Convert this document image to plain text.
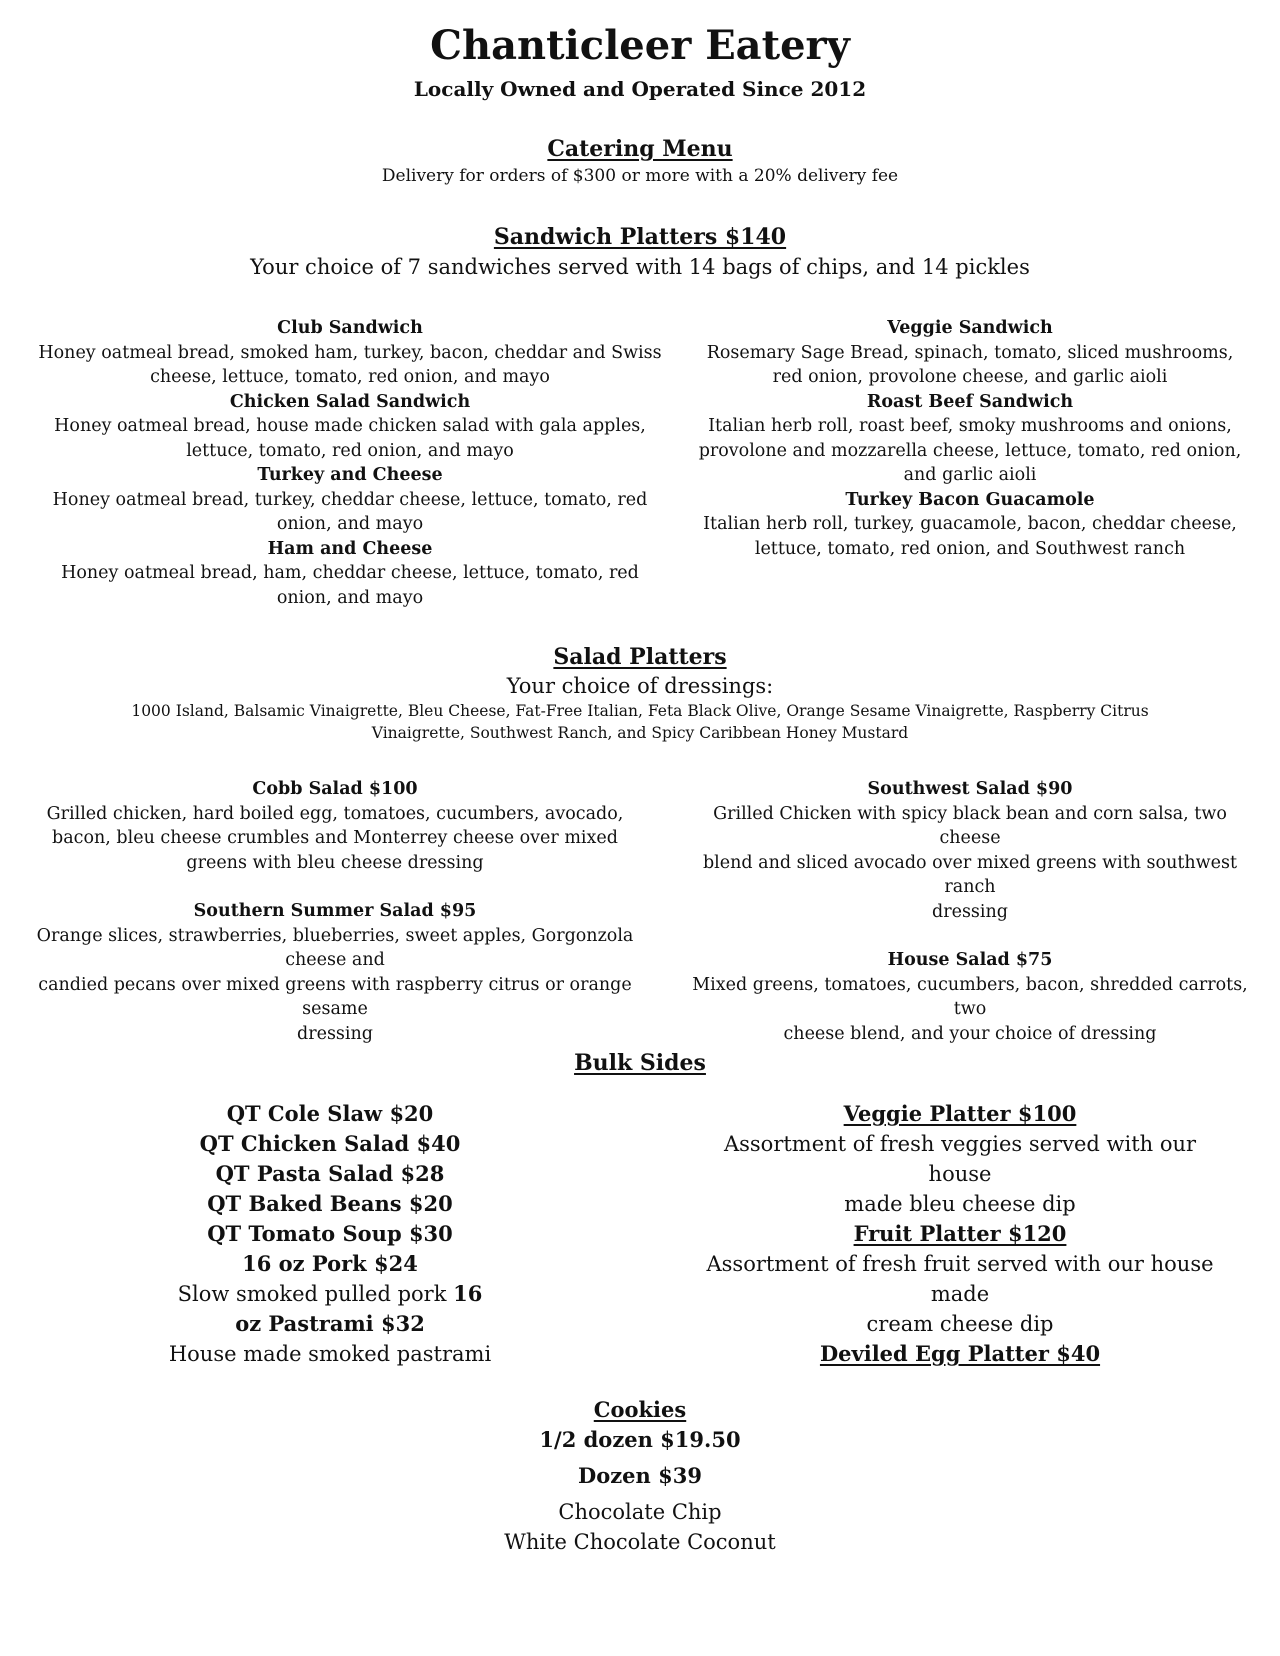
Chanticleer Eatery
Locally Owned and Operated Since 2012
Catering Menu
Delivery for orders of $300 or more with a 20% delivery fee
Sandwich Platters $140
Your choice of 7 sandwiches served with 14 bags of chips, and 14 pickles
Club Sandwich
Honey oatmeal bread, smoked ham, turkey, bacon, cheddar and Swiss
cheese, lettuce, tomato, red onion, and mayo
Chicken Salad Sandwich
Honey oatmeal bread, house made chicken salad with gala apples,
lettuce, tomato, red onion, and mayo
Turkey and Cheese
Honey oatmeal bread, turkey, cheddar cheese, lettuce, tomato, red
onion, and mayo
Ham and Cheese
Honey oatmeal bread, ham, cheddar cheese, lettuce, tomato, red
onion, and mayo
Veggie Sandwich
Rosemary Sage Bread, spinach, tomato, sliced mushrooms,
red onion, provolone cheese, and garlic aioli
Roast Beef Sandwich
Italian herb roll, roast beef, smoky mushrooms and onions,
provolone and mozzarella cheese, lettuce, tomato, red onion,
and garlic aioli
Turkey Bacon Guacamole
Italian herb roll, turkey, guacamole, bacon, cheddar cheese,
lettuce, tomato, red onion, and Southwest ranch
Salad Platters
Your choice of dressings:
1000 Island, Balsamic Vinaigrette, Bleu Cheese, Fat-Free Italian, Feta Black Olive, Orange Sesame Vinaigrette, Raspberry Citrus
Vinaigrette, Southwest Ranch, and Spicy Caribbean Honey Mustard
Cobb Salad $100
Grilled chicken, hard boiled egg, tomatoes, cucumbers, avocado,
bacon, bleu cheese crumbles and Monterrey cheese over mixed
greens with bleu cheese dressing
Southern Summer Salad $95
Orange slices, strawberries, blueberries, sweet apples, Gorgonzola cheese and
candied pecans over mixed greens with raspberry citrus or orange sesame
dressing
Southwest Salad $90
Grilled Chicken with spicy black bean and corn salsa, two cheese
blend and sliced avocado over mixed greens with southwest ranch
dressing
House Salad $75
Mixed greens, tomatoes, cucumbers, bacon, shredded carrots, two
cheese blend, and your choice of dressing
Bulk Sides
QT Cole Slaw $20
QT Chicken Salad $40
QT Pasta Salad $28
QT Baked Beans $20
QT Tomato Soup $30
16 oz Pork $24
Slow smoked pulled pork 16
oz Pastrami $32
House made smoked pastrami
Veggie Platter $100
Assortment of fresh veggies served with our house
made bleu cheese dip
Fruit Platter $120
Assortment of fresh fruit served with our house made
cream cheese dip
Deviled Egg Platter $40
Cookies
1/2 dozen $19.50
Dozen $39
Chocolate Chip
White Chocolate Coconut
